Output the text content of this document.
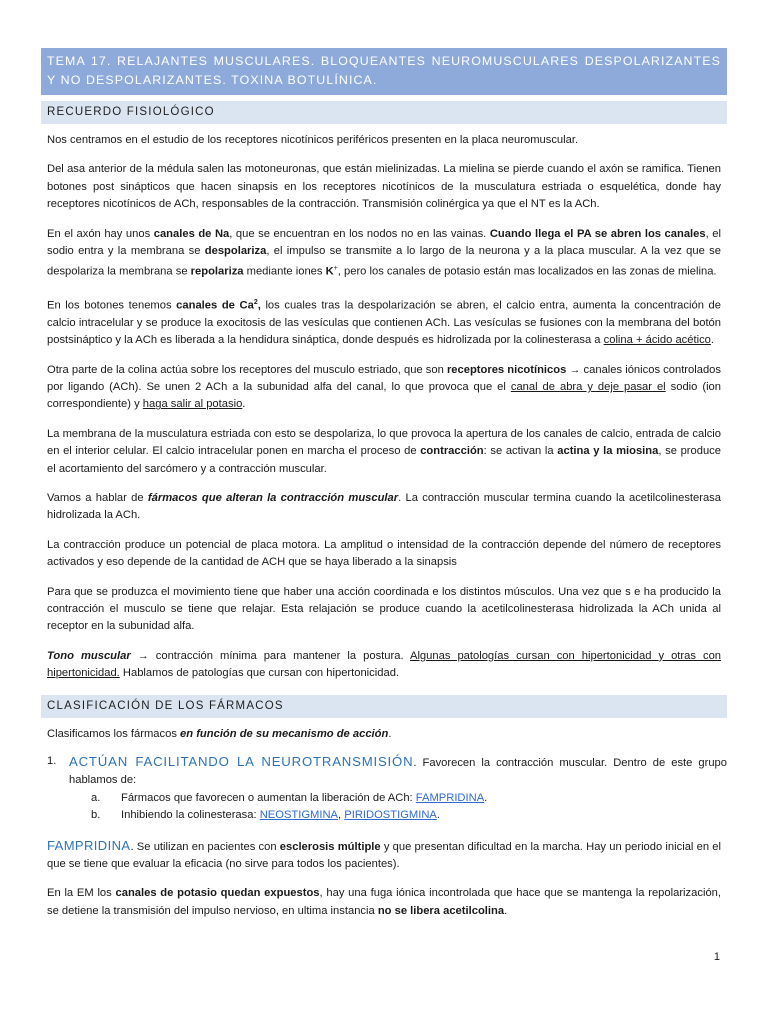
TEMA 17. RELAJANTES MUSCULARES. BLOQUEANTES NEUROMUSCULARES DESPOLARIZANTES Y NO DESPOLARIZANTES. TOXINA BOTULÍNICA.
RECUERDO FISIOLÓGICO

Nos centramos en el estudio de los receptores nicotínicos periféricos presenten en la placa neuromuscular.

Del asa anterior de la médula salen las motoneuronas, que están mielinizadas. La mielina se pierde cuando el axón se ramifica. Tienen botones post sinápticos que hacen sinapsis en los receptores nicotínicos de la musculatura estriada o esquelética, donde hay receptores nicotínicos de ACh, responsables de la contracción. Transmisión colinérgica ya que el NT es la ACh.

En el axón hay unos canales de Na, que se encuentran en los nodos no en las vainas. Cuando llega el PA se abren los canales, el sodio entra y la membrana se despolariza, el impulso se transmite a lo largo de la neurona y a la placa muscular. A la vez que se despolariza la membrana se repolariza mediante iones K+, pero los canales de potasio están mas localizados en las zonas de mielina.

En los botones tenemos canales de Ca$^2$, los cuales tras la despolarización se abren, el calcio entra, aumenta la concentración de calcio intracelular y se produce la exocitosis de las vesículas que contienen ACh. Las vesículas se fusiones con la membrana del botón postsináptico y la ACh es liberada a la hendidura sináptica, donde después es hidrolizada por la colinesterasa a colina + ácido acético.

Otra parte de la colina actúa sobre los receptores del musculo estriado, que son receptores nicotínicos → canales iónicos controlados por ligando (ACh). Se unen 2 ACh a la subunidad alfa del canal, lo que provoca que el canal de abra y deje pasar el sodio (ion correspondiente) y haga salir al potasio.

La membrana de la musculatura estriada con esto se despolariza, lo que provoca la apertura de los canales de calcio, entrada de calcio en el interior celular. El calcio intracelular ponen en marcha el proceso de contracción: se activan la actina y la miosina, se produce el acortamiento del sarcómero y a contracción muscular.

Vamos a hablar de fármacos que alteran la contracción muscular. La contracción muscular termina cuando la acetilcolinesterasa hidrolizada la ACh.

La contracción produce un potencial de placa motora. La amplitud o intensidad de la contracción depende del número de receptores activados y eso depende de la cantidad de ACH que se haya liberado a la sinapsis

Para que se produzca el movimiento tiene que haber una acción coordinada e los distintos músculos. Una vez que s e ha producido la contracción el musculo se tiene que relajar. Esta relajación se produce cuando la acetilcolinesterasa hidrolizada la ACh unida al receptor en la subunidad alfa.

Tono muscular → contracción mínima para mantener la postura. Algunas patologías cursan con hipertonicidad y otras con hipertonicidad. Hablamos de patologías que cursan con hipertonicidad.

CLASIFICACIÓN DE LOS FÁRMACOS

Clasificamos los fármacos en función de su mecanismo de acción.

1. ACTÚAN FACILITANDO LA NEUROTRANSMISIÓN. Favorecen la contracción muscular. Dentro de este grupo hablamos de:

a. Fármacos que favorecen o aumentan la liberación de ACh: FAMPRIDINA.
b. Inhibiendo la colinesterasa: NEOSTIGMINA, PIRIDOSTIGMINA.

FAMPRIDINA. Se utilizan en pacientes con esclerosis múltiple y que presentan dificultad en la marcha. Hay un periodo inicial en el que se tiene que evaluar la eficacia (no sirve para todos los pacientes).

En la EM los canales de potasio quedan expuestos, hay una fuga iónica incontrolada que hace que se mantenga la repolarización, se detiene la transmisión del impulso nervioso, en ultima instancia no se libera acetilcolina.

1
